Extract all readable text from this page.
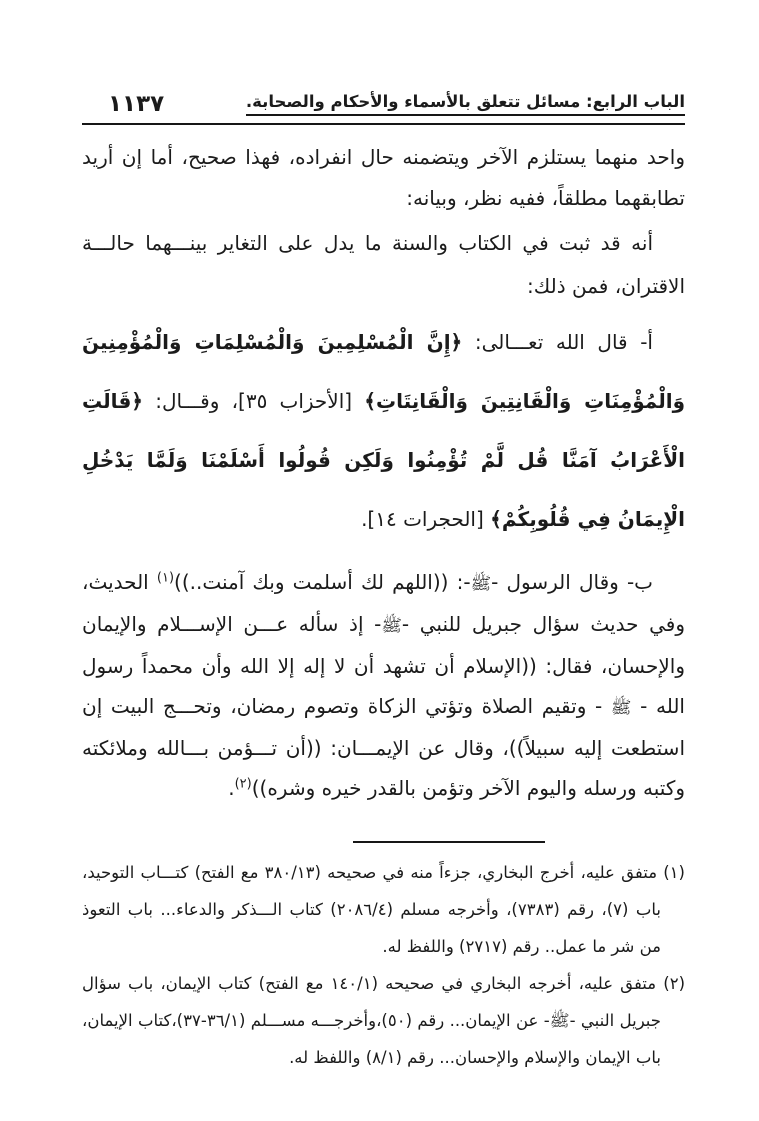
الباب الرابع: مسائل تتعلق بالأسماء والأحكام والصحابة.
١١٣٧

واحد منهما يستلزم الآخر ويتضمنه حال انفراده، فهذا صحيح، أما إن أريد تطابقهما مطلقاً، ففيه نظر، وبيانه:

أنه قد ثبت في الكتاب والسنة ما يدل على التغاير بينـــهما حالـــة الاقتران، فمن ذلك:

أ- قال الله تعـــالى: ﴿إِنَّ الْمُسْلِمِينَ وَالْمُسْلِمَاتِ وَالْمُؤْمِنِينَ وَالْمُؤْمِنَاتِ وَالْقَانِتِينَ وَالْقَانِتَاتِ﴾ [الأحزاب ٣٥]، وقـــال: ﴿قَالَتِ الْأَعْرَابُ آمَنَّا قُل لَّمْ تُؤْمِنُوا وَلَكِن قُولُوا أَسْلَمْنَا وَلَمَّا يَدْخُلِ الْإِيمَانُ فِي قُلُوبِكُمْ﴾ [الحجرات ١٤].

ب- وقال الرسول -ﷺ-: ((اللهم لك أسلمت وبك آمنت..))$^{(١)}$ الحديث، وفي حديث سؤال جبريل للنبي -ﷺ- إذ سأله عـــن الإســـلام والإيمان والإحسان، فقال: ((الإسلام أن تشهد أن لا إله إلا الله وأن محمداً رسول الله - ﷺ - وتقيم الصلاة وتؤتي الزكاة وتصوم رمضان، وتحـــج البيت إن استطعت إليه سبيلاً))، وقال عن الإيمـــان: ((أن تـــؤمن بـــالله وملائكته وكتبه ورسله واليوم الآخر وتؤمن بالقدر خيره وشره))$^{(٢)}$.

(١) متفق عليه، أخرج البخاري، جزءاً منه في صحيحه (٣٨٠/١٣ مع الفتح) كتـــاب التوحيد، باب (٧)، رقم (٧٣٨٣)، وأخرجه مسلم (٢٠٨٦/٤) كتاب الـــذكر والدعاء... باب التعوذ من شر ما عمل.. رقم (٢٧١٧) واللفظ له.

(٢) متفق عليه، أخرجه البخاري في صحيحه (١٤٠/١ مع الفتح) كتاب الإيمان، باب سؤال جبريل النبي -ﷺ- عن الإيمان... رقم (٥٠)،وأخرجـــه مســـلم (٣٦/١-٣٧)،كتاب الإيمان، باب الإيمان والإسلام والإحسان... رقم (٨/١) واللفظ له.
